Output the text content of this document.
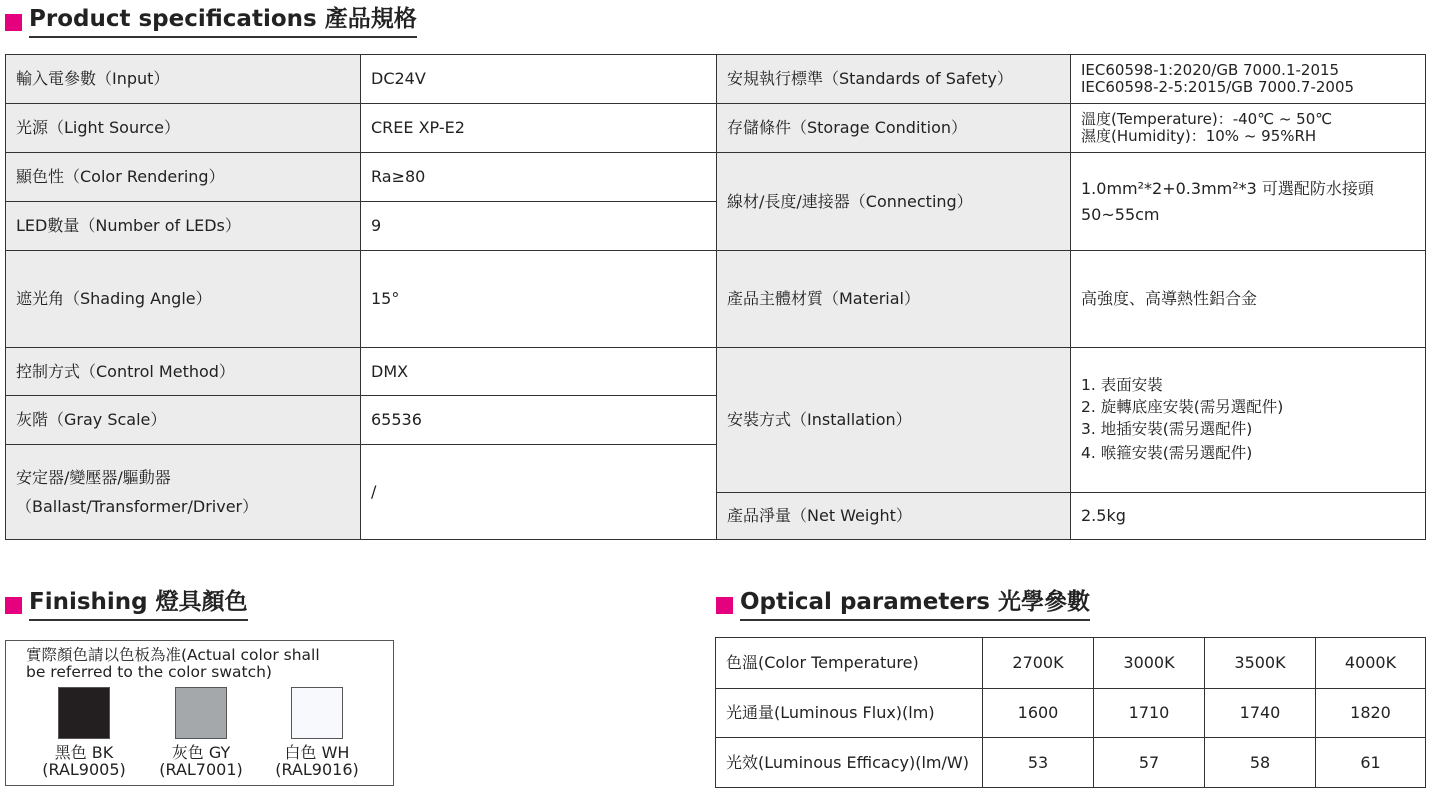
Product specifications 產品規格
輸入電參數（Input）	DC24V	安規執行標準（Standards of Safety）	IEC60598-1:2020/GB 7000.1-2015
IEC60598-2-5:2015/GB 7000.7-2005

光源（Light Source）	CREE XP-E2	存儲條件（Storage Condition）	溫度(Temperature)：-40℃ ~ 50℃
濕度(Humidity)：10% ~ 95%RH

顯色性（Color Rendering）	Ra≥80	線材/長度/連接器（Connecting）	1.0mm²*2+0.3mm²*3 可選配防水接頭
50~55cm

LED數量（Number of LEDs）	9		
遮光角（Shading Angle）	15°	產品主體材質（Material）	高強度、高導熱性鋁合金
控制方式（Control Method）	DMX	安裝方式（Installation）	1. 表面安裝
2. 旋轉底座安裝(需另選配件)
3. 地插安裝(需另選配件)
4. 喉箍安裝(需另選配件)

灰階（Gray Scale）	65536		

安定器/變壓器/驅動器
（Ballast/Transformer/Driver）	/		
		產品淨量（Net Weight）	2.5kg
Finishing 燈具顏色
實際顏色請以色板為准(Actual color shall
be referred to the color swatch)
黑色 BK
(RAL9005)
灰色 GY
(RAL7001)
白色 WH
(RAL9016)
Optical parameters 光學參數
色溫(Color Temperature)	2700K	3000K	3500K	4000K
光通量(Luminous Flux)(lm)	1600	1710	1740	1820
光效(Luminous Efficacy)(lm/W)	53	57	58	61
